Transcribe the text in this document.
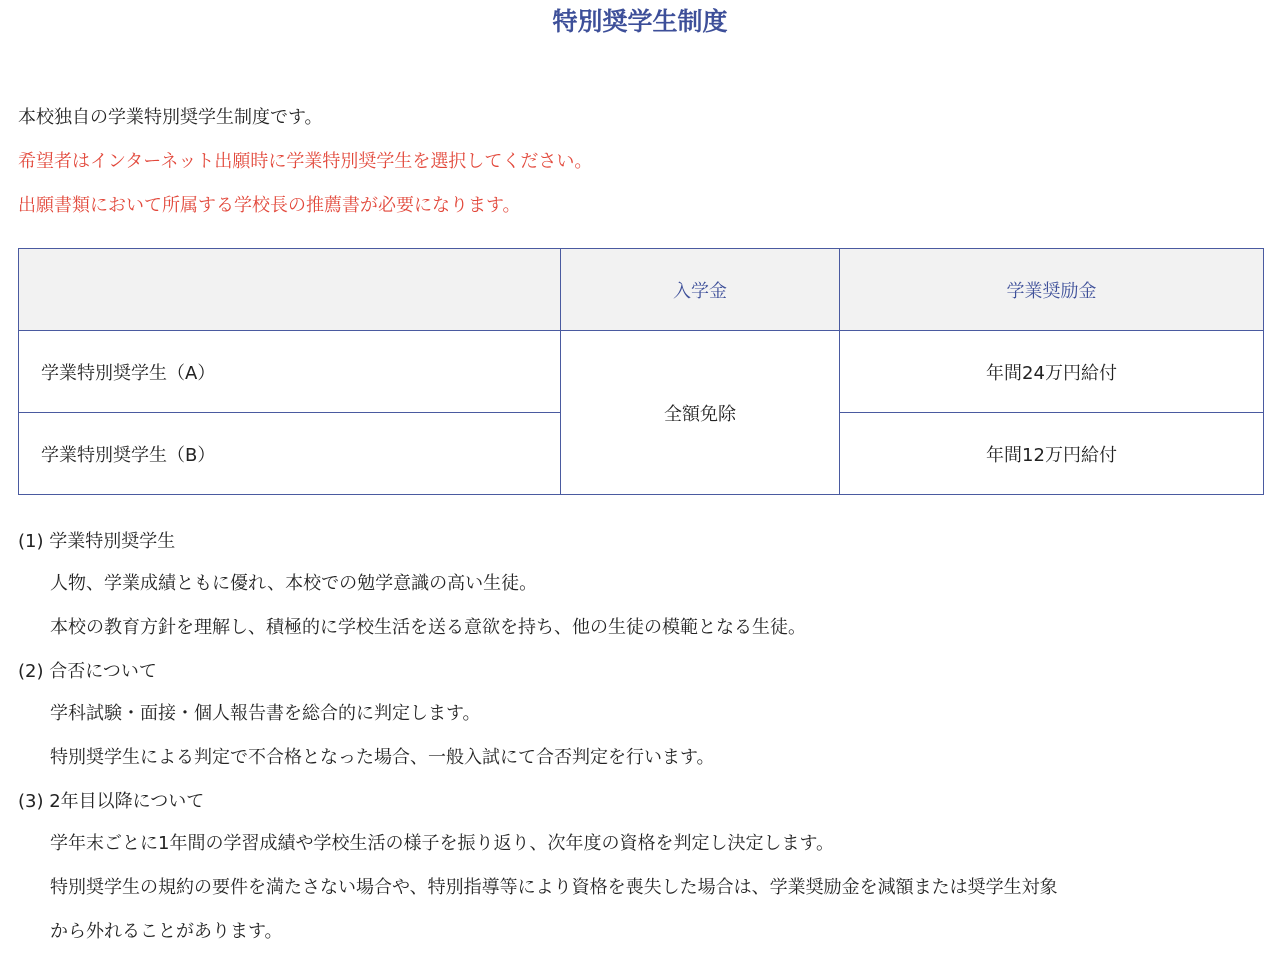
特別奨学生制度

本校独自の学業特別奨学生制度です。

希望者はインターネット出願時に学業特別奨学生を選択してください。

出願書類において所属する学校長の推薦書が必要になります。

	入学金	学業奨励金
学業特別奨学生（A）	全額免除	年間24万円給付
学業特別奨学生（B）		年間12万円給付
(1) 学業特別奨学生

人物、学業成績ともに優れ、本校での勉学意識の高い生徒。

本校の教育方針を理解し、積極的に学校生活を送る意欲を持ち、他の生徒の模範となる生徒。

(2) 合否について

学科試験・面接・個人報告書を総合的に判定します。

特別奨学生による判定で不合格となった場合、一般入試にて合否判定を行います。

(3) 2年目以降について

学年末ごとに1年間の学習成績や学校生活の様子を振り返り、次年度の資格を判定し決定します。

特別奨学生の規約の要件を満たさない場合や、特別指導等により資格を喪失した場合は、学業奨励金を減額または奨学生対象

から外れることがあります。
